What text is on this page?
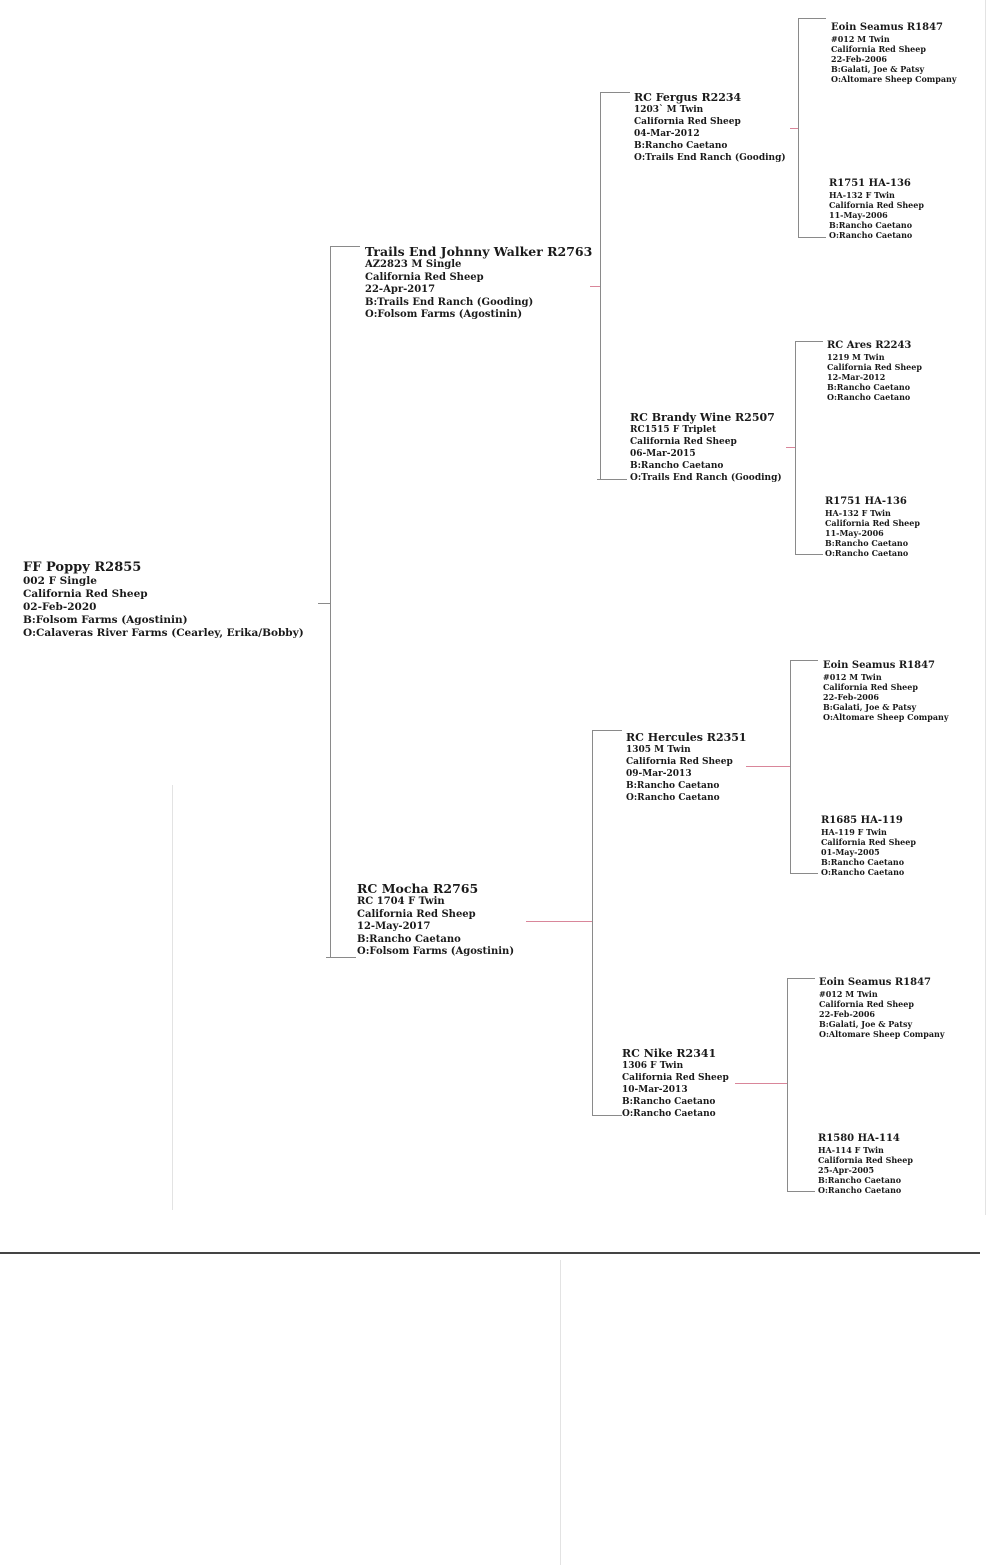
FF Poppy R2855
002 F Single
California Red Sheep
02-Feb-2020
B:Folsom Farms (Agostinin)
O:Calaveras River Farms (Cearley, Erika/Bobby)
Trails End Johnny Walker R2763
AZ2823 M Single
California Red Sheep
22-Apr-2017
B:Trails End Ranch (Gooding)
O:Folsom Farms (Agostinin)
RC Mocha R2765
RC 1704 F Twin
California Red Sheep
12-May-2017
B:Rancho Caetano
O:Folsom Farms (Agostinin)
RC Fergus R2234
1203` M Twin
California Red Sheep
04-Mar-2012
B:Rancho Caetano
O:Trails End Ranch (Gooding)
RC Brandy Wine R2507
RC1515 F Triplet
California Red Sheep
06-Mar-2015
B:Rancho Caetano
O:Trails End Ranch (Gooding)
RC Hercules R2351
1305 M Twin
California Red Sheep
09-Mar-2013
B:Rancho Caetano
O:Rancho Caetano
RC Nike R2341
1306 F Twin
California Red Sheep
10-Mar-2013
B:Rancho Caetano
O:Rancho Caetano
Eoin Seamus R1847
#012 M Twin
California Red Sheep
22-Feb-2006
B:Galati, Joe & Patsy
O:Altomare Sheep Company
R1751 HA-136
HA-132 F Twin
California Red Sheep
11-May-2006
B:Rancho Caetano
O:Rancho Caetano
RC Ares R2243
1219 M Twin
California Red Sheep
12-Mar-2012
B:Rancho Caetano
O:Rancho Caetano
R1751 HA-136
HA-132 F Twin
California Red Sheep
11-May-2006
B:Rancho Caetano
O:Rancho Caetano
Eoin Seamus R1847
#012 M Twin
California Red Sheep
22-Feb-2006
B:Galati, Joe & Patsy
O:Altomare Sheep Company
R1685 HA-119
HA-119 F Twin
California Red Sheep
01-May-2005
B:Rancho Caetano
O:Rancho Caetano
Eoin Seamus R1847
#012 M Twin
California Red Sheep
22-Feb-2006
B:Galati, Joe & Patsy
O:Altomare Sheep Company
R1580 HA-114
HA-114 F Twin
California Red Sheep
25-Apr-2005
B:Rancho Caetano
O:Rancho Caetano
